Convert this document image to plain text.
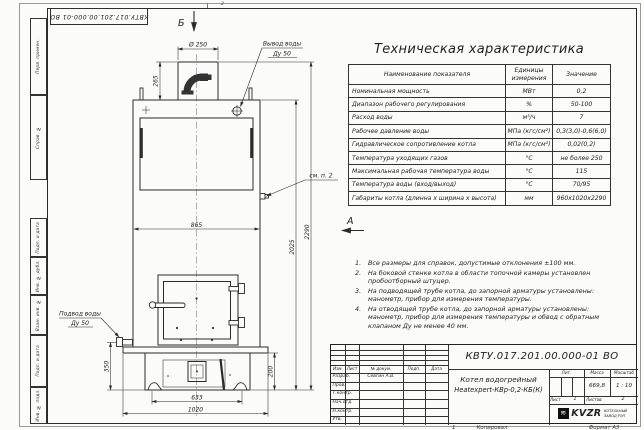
2
КВТУ.017.201.00.000-01 ВО
Перв. примен.
Справ. №
Подп. и дата
Инв. № дубл.
Взам. инв. №
Подп. и дата
Инв. № подл.
Вывод воды
Ду 50
Подвод воды
Ду 50
см. п. 2
Ø 250
265
865
350	200
633
1020
2025
2290
Б
А
Техническая характеристика
Наименование показателя	Единицы измерения	Значение
Номинальная мощность	МВт	0,2
Диапазон рабочего регулирования	%	50-100
Расход воды	м³/ч	7
Рабочее давление воды	МПа (кгс/см²)	0,3(3,0)-0,6(6,0)
Гидравлическое сопротивление котла	МПа (кгс/см²)	0,02(0,2)
Температура уходящих газов	°С	не более 250
Максимальная рабочая температура воды	°С	115
Температура воды (вход/выход)	°С	70/95
Габариты котла (длинна х ширина х высота)	мм	960х1020х2290
1.	Все размеры для справок, допустимые отклонения ±100 мм.
2.	На боковой стенке котла в области топочной камеры установлен пробоотборный штуцер.
3.	На подводящей трубе котла, до запорной арматуры установлены: манометр, прибор для измерения температуры.
4.	На отводящей трубе котла, до запорной арматуры установлены: манометр, прибор для измерения температуры и обвод с обратным клапаном Ду не менее 40 мм.
Изм. Лист	№ докум.	Подп.	Дата
Разраб.
Пров.
Т.контр.
Нач.отд.
Н.контр.
Утв.
Севгин А.В.
КВТУ.017.201.00.000-01 ВО
Котел водогрейный
Heatexpert-КВр-0,2-КБ(К)
Лит.	Масса	Масштаб
669,8	1 : 10
Лист	1	Листов	2
≋ KVZR КОТЕЛЬНЫЙ
ЗАВОД РЭП
1	Копировал	Формат А3
